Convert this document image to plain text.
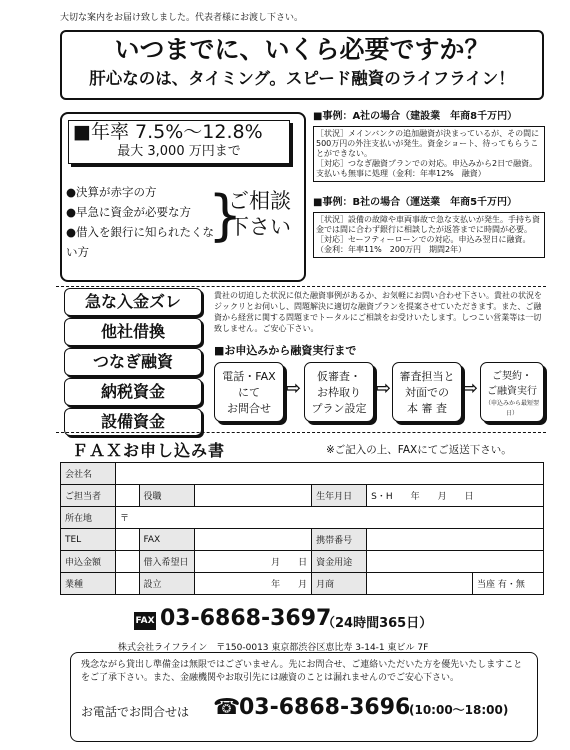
大切な案内をお届け致しました。代表者様にお渡し下さい。
いつまでに、いくら必要ですか？
肝心なのは、タイミング。スピード融資のライフライン！
■年率 7.5%～12.8%
最大 3,000 万円まで
●決算が赤字の方
●早急に資金が必要な方
●借入を銀行に知られたくない方
}
ご相談下さい
■事例：A社の場合（建設業　年商8千万円）
［状況］メインバンクの追加融資が決まっているが、その間に500万円の外注支払いが発生。資金ショート、待ってもらうことができない。
［対応］つなぎ融資プランでの対応。申込みから2日で融資。支払いも無事に処理（金利：年率12%　融資）
■事例：B社の場合（運送業　年商5千万円）
［状況］設備の故障や車両事故で急な支払いが発生。手持ち資金では間に合わず銀行に相談したが返答までに時間が必要。
［対応］セーフティーローンでの対応。申込み翌日に融資。（金利：年率11%　200万円　期間2年）
急な入金ズレ
他社借換
つなぎ融資
納税資金
設備資金
貴社の切迫した状況に似た融資事例があるか、お気軽にお問い合わせ下さい。貴社の状況をジックリとお伺いし、問題解決に適切な融資プランを提案させていただきます。また、ご融資から経営に関する問題までトータルにご相談をお受けいたします。しつこい営業等は一切致しません。ご安心下さい。
■お申込みから融資実行まで
電話・FAX
にて
お問合せ
⇨
仮審査・
お枠取り
プラン設定
⇨
審査担当と
対面での
本 審 査
⇨
ご契約・
ご融資実行
（申込みから最短翌日）
ＦＡＸお申し込み書	※ご記入の上、FAXにてご返送下さい。
会社名						
ご担当者		役職		生年月日	S・H　　年　　月　　日	
所在地	〒					
TEL		FAX		携帯番号		
申込金額		借入希望日	月　　日	資金用途		
業種		設立	年　　月	月商		当座 有・無
FAX 03-6868-3697
（24時間365日）
株式会社ライフライン　〒150-0013 東京都渋谷区恵比寿 3-14-1 東ビル 7F
残念ながら貸出し準備金は無限ではございません。先にお問合せ、ご連絡いただいた方を優先いたしますことをご了承下さい。また、金融機関やお取引先には融資のことは漏れませんのでご安心下さい。
お電話でお問合せは ☎
03-6868-3696
(10:00～18:00)
